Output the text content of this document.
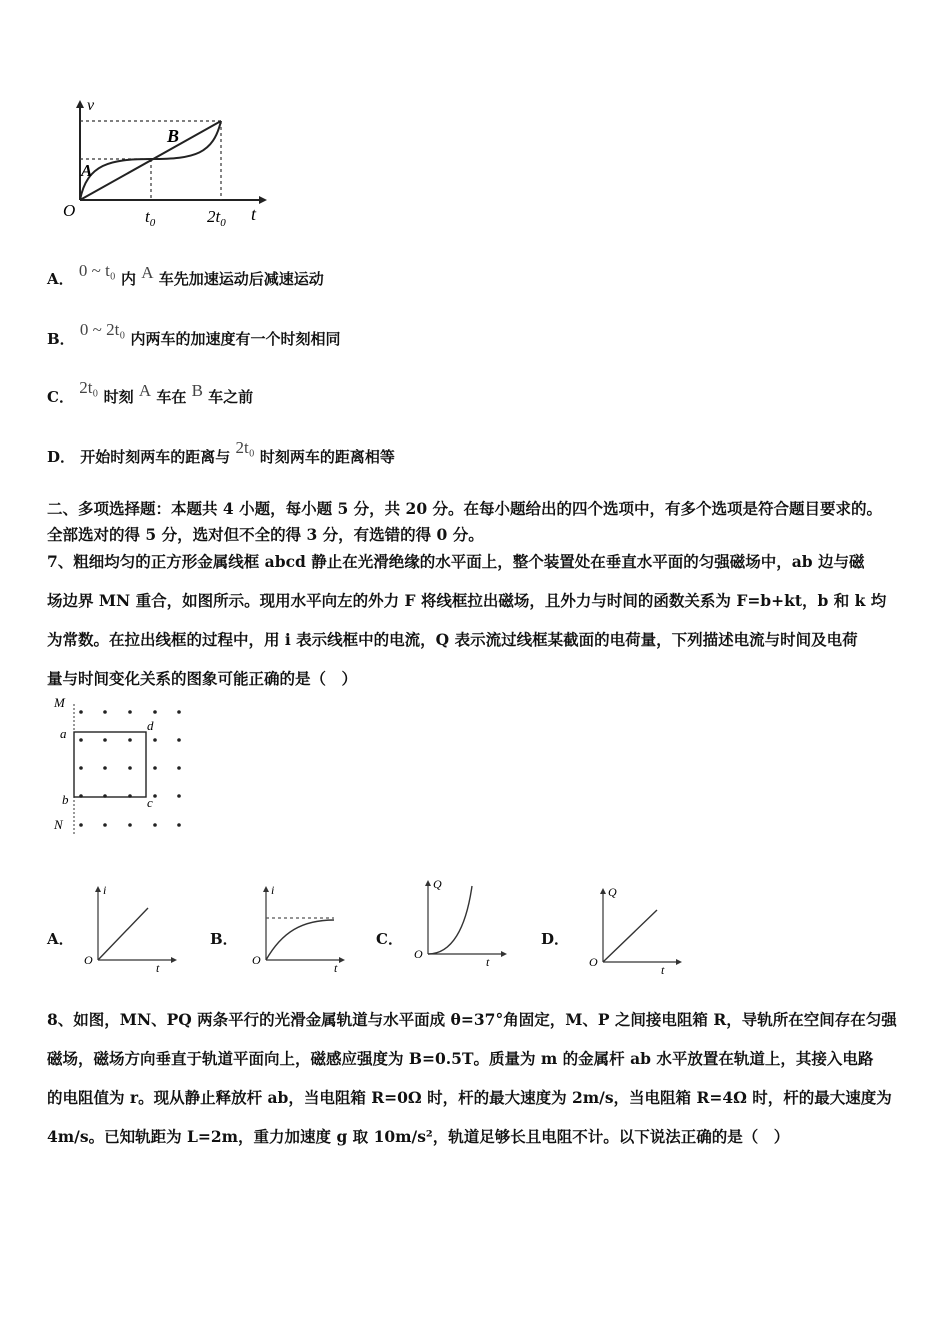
v
t
O
A
B
$t_0$	$2t_0$
A． 0 ~ t₀ 内 A 车先加速运动后减速运动
B． 0 ~ 2t₀ 内两车的加速度有一个时刻相同
C． 2t₀ 时刻 A 车在 B 车之前
D． 开始时刻两车的距离与 2t₀ 时刻两车的距离相等

二、多项选择题：本题共 4 小题，每小题 5 分，共 20 分。在每小题给出的四个选项中，有多个选项是符合题目要求的。

全部选对的得 5 分，选对但不全的得 3 分，有选错的得 0 分。

7、粗细均匀的正方形金属线框 abcd 静止在光滑绝缘的水平面上，整个装置处在垂直水平面的匀强磁场中，ab 边与磁

场边界 MN 重合，如图所示。现用水平向左的外力 F 将线框拉出磁场，且外力与时间的函数关系为 F=b+kt，b 和 k 均

为常数。在拉出线框的过程中，用 i 表示线框中的电流，Q 表示流过线框某截面的电荷量，下列描述电流与时间及电荷

量与时间变化关系的图象可能正确的是（　）

M
N
a
b	c
d
A．
i
t
O
B．
i
t
O
C．
Q
t
O
D．
Q
t
O

8、如图，MN、PQ 两条平行的光滑金属轨道与水平面成 θ=37°角固定，M、P 之间接电阻箱 R，导轨所在空间存在匀强

磁场，磁场方向垂直于轨道平面向上，磁感应强度为 B=0.5T。质量为 m 的金属杆 ab 水平放置在轨道上，其接入电路

的电阻值为 r。现从静止释放杆 ab，当电阻箱 R=0Ω 时，杆的最大速度为 2m/s，当电阻箱 R=4Ω 时，杆的最大速度为

4m/s。已知轨距为 L=2m，重力加速度 g 取 10m/s²，轨道足够长且电阻不计。以下说法正确的是（　）
